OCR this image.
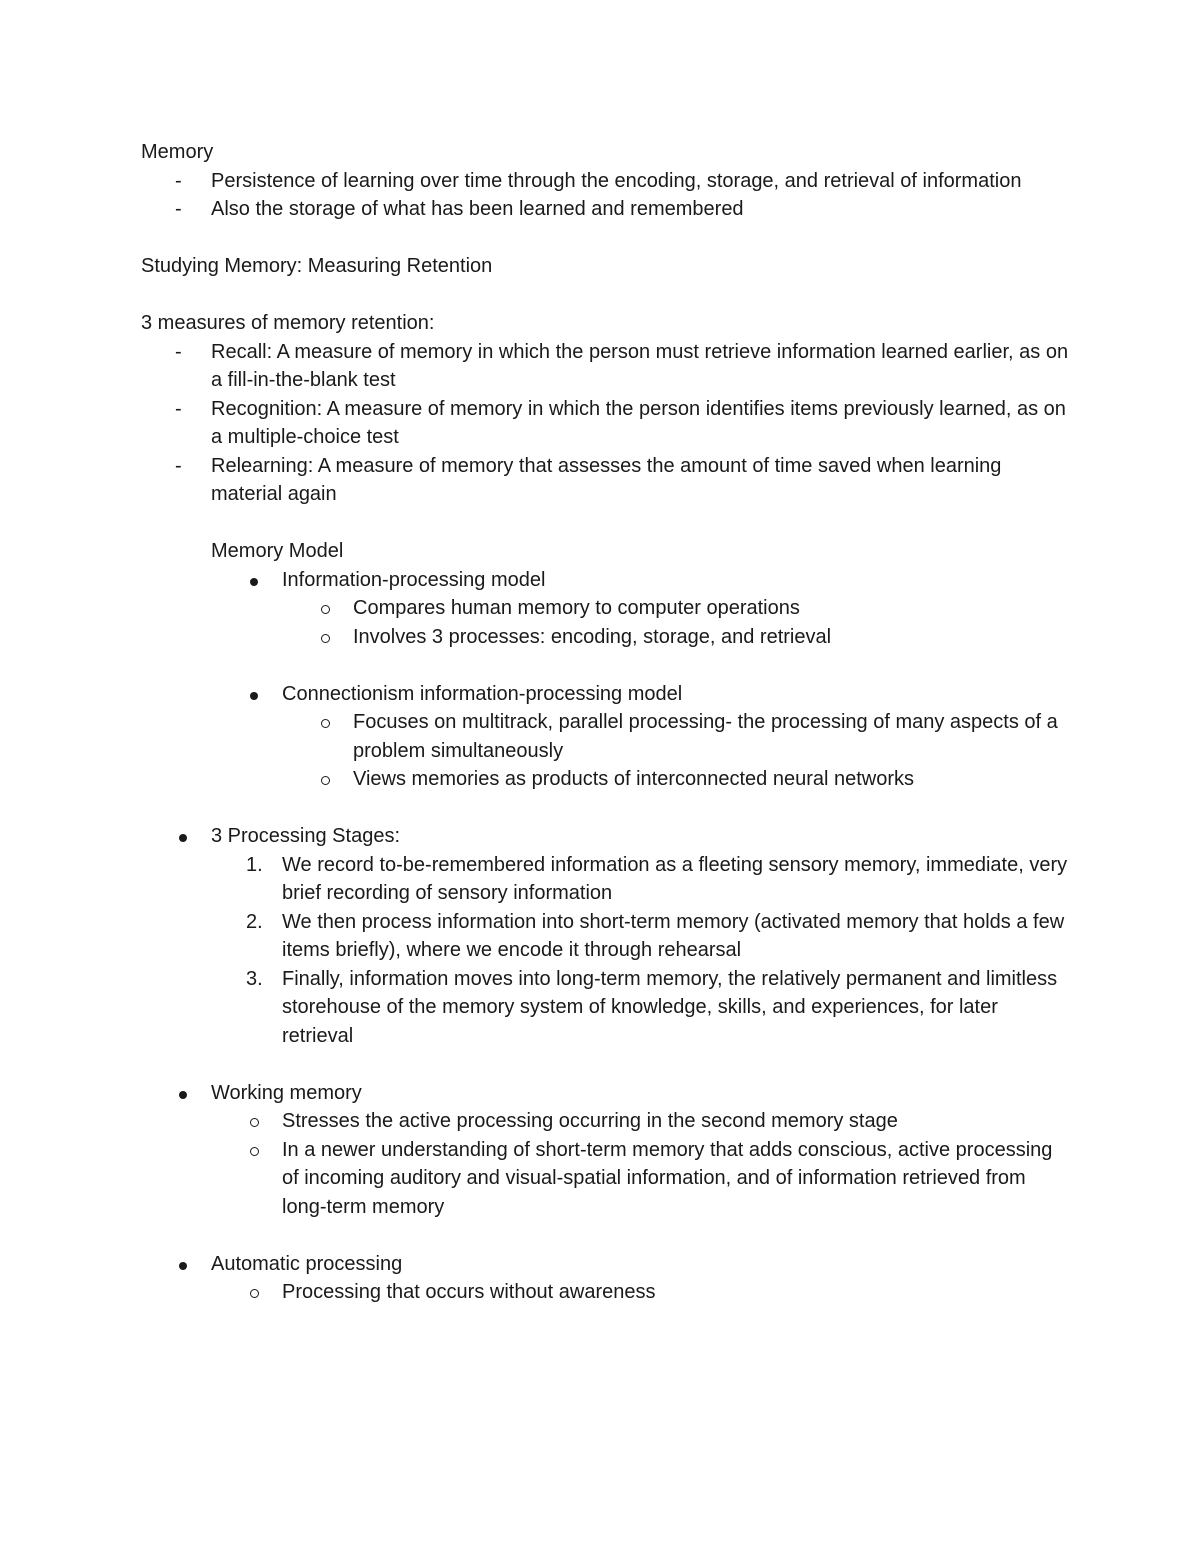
Memory

-	Persistence of learning over time through the encoding, storage, and retrieval of information
-	Also the storage of what has been learned and remembered

Studying Memory: Measuring Retention

3 measures of memory retention:

-	Recall: A measure of memory in which the person must retrieve information learned earlier, as on a fill-in-the-blank test
-	Recognition: A measure of memory in which the person identifies items previously learned, as on a multiple-choice test
-	Relearning: A measure of memory that assesses the amount of time saved when learning material again

Memory Model

Information-processing model
Compares human memory to computer operations
Involves 3 processes: encoding, storage, and retrieval
Connectionism information-processing model
Focuses on multitrack, parallel processing- the processing of many aspects of a problem simultaneously
Views memories as products of interconnected neural networks
3 Processing Stages:
1. We record to-be-remembered information as a fleeting sensory memory, immediate, very brief recording of sensory information
2. We then process information into short-term memory (activated memory that holds a few items briefly), where we encode it through rehearsal
3. Finally, information moves into long-term memory, the relatively permanent and limitless storehouse of the memory system of knowledge, skills, and experiences, for later retrieval
Working memory
Stresses the active processing occurring in the second memory stage
In a newer understanding of short-term memory that adds conscious, active processing of incoming auditory and visual-spatial information, and of information retrieved from long-term memory
Automatic processing
Processing that occurs without awareness
